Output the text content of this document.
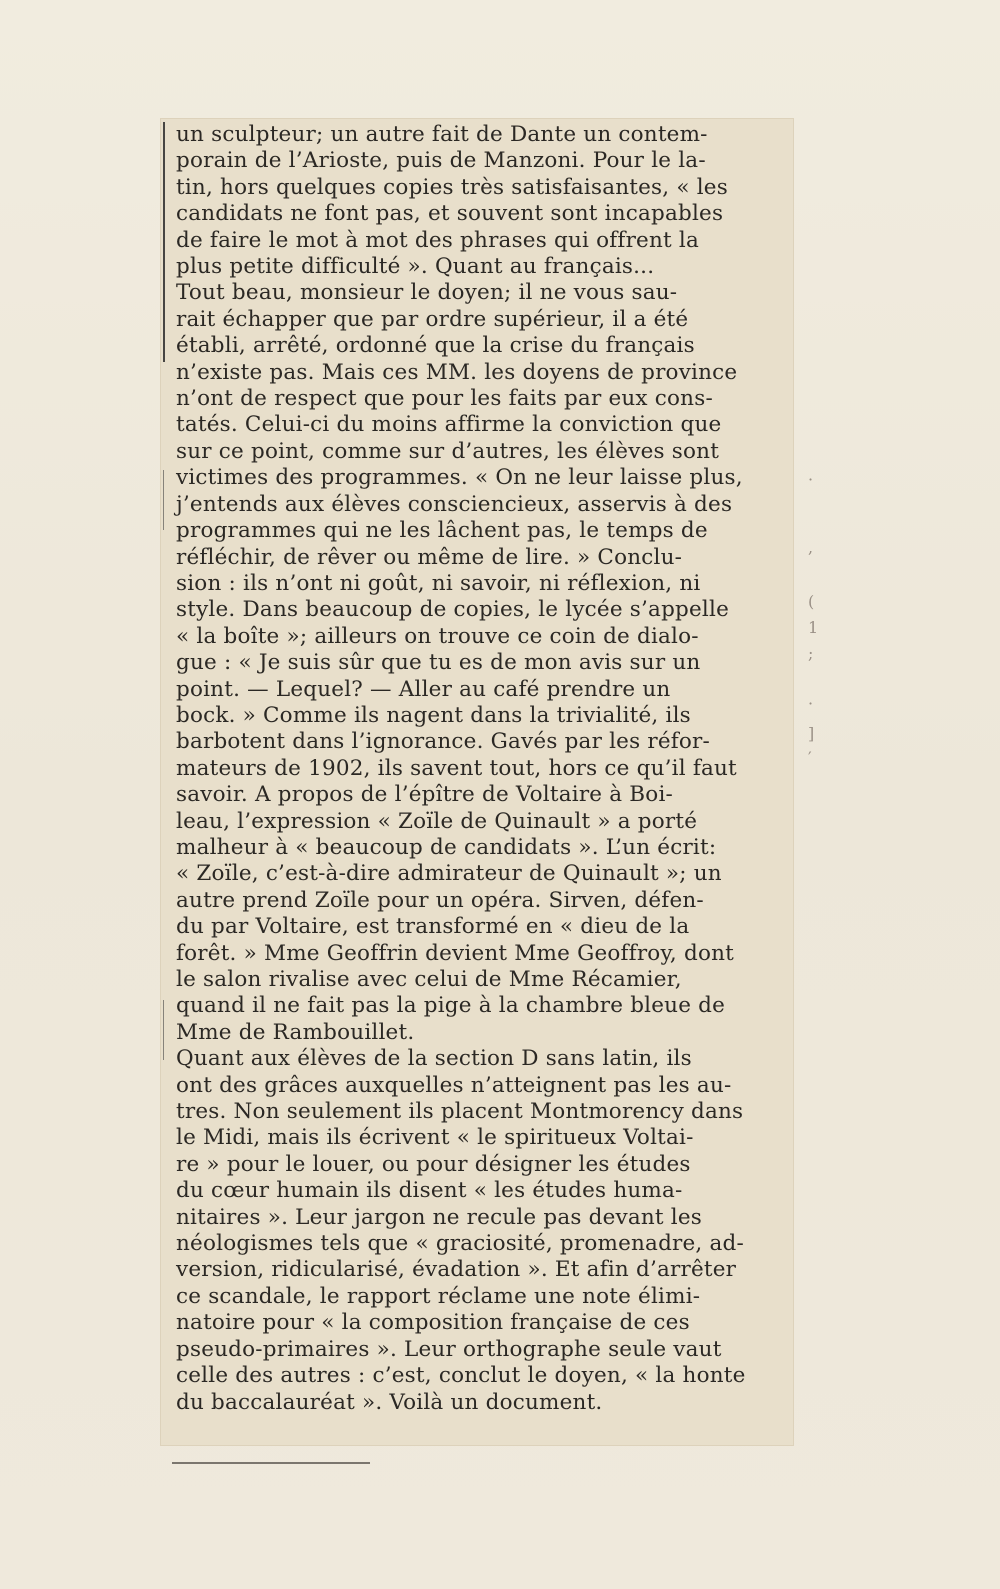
un sculpteur; un autre fait de Dante un contem-
porain de l’Arioste, puis de Manzoni. Pour le la-
tin, hors quelques copies très satisfaisantes, « les
candidats ne font pas, et souvent sont incapables
de faire le mot à mot des phrases qui offrent la
plus petite difficulté ». Quant au français...

Tout beau, monsieur le doyen; il ne vous sau-
rait échapper que par ordre supérieur, il a été
établi, arrêté, ordonné que la crise du français
n’existe pas. Mais ces MM. les doyens de province
n’ont de respect que pour les faits par eux cons-
tatés. Celui-ci du moins affirme la conviction que
sur ce point, comme sur d’autres, les élèves sont
victimes des programmes. « On ne leur laisse plus,
j’entends aux élèves consciencieux, asservis à des
programmes qui ne les lâchent pas, le temps de
réfléchir, de rêver ou même de lire. » Conclu-
sion : ils n’ont ni goût, ni savoir, ni réflexion, ni
style. Dans beaucoup de copies, le lycée s’appelle
« la boîte »; ailleurs on trouve ce coin de dialo-
gue : « Je suis sûr que tu es de mon avis sur un
point. — Lequel? — Aller au café prendre un
bock. » Comme ils nagent dans la trivialité, ils
barbotent dans l’ignorance. Gavés par les réfor-
mateurs de 1902, ils savent tout, hors ce qu’il faut
savoir. A propos de l’épître de Voltaire à Boi-
leau, l’expression « Zoïle de Quinault » a porté
malheur à « beaucoup de candidats ». L’un écrit:
« Zoïle, c’est-à-dire admirateur de Quinault »; un
autre prend Zoïle pour un opéra. Sirven, défen-
du par Voltaire, est transformé en « dieu de la
forêt. » Mme Geoffrin devient Mme Geoffroy, dont
le salon rivalise avec celui de Mme Récamier,
quand il ne fait pas la pige à la chambre bleue de
Mme de Rambouillet.

Quant aux élèves de la section D sans latin, ils
ont des grâces auxquelles n’atteignent pas les au-
tres. Non seulement ils placent Montmorency dans
le Midi, mais ils écrivent « le spiritueux Voltai-
re » pour le louer, ou pour désigner les études
du cœur humain ils disent « les études huma-
nitaires ». Leur jargon ne recule pas devant les
néologismes tels que « graciosité, promenadre, ad-
version, ridicularisé, évadation ». Et afin d’arrêter
ce scandale, le rapport réclame une note élimi-
natoire pour « la composition française de ces
pseudo-primaires ». Leur orthographe seule vaut
celle des autres : c’est, conclut le doyen, « la honte
du baccalauréat ». Voilà un document.

·
,
(
1
;
·
]
′
